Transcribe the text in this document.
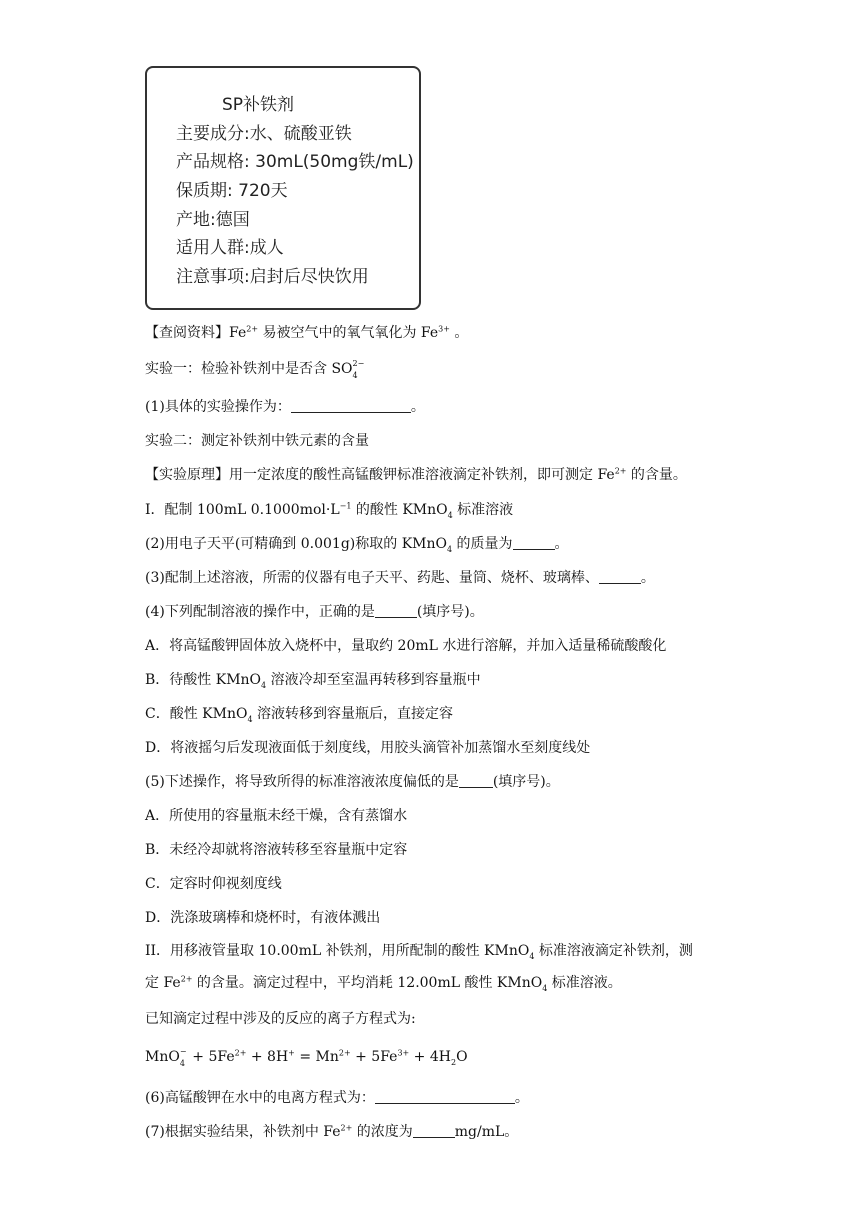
SP补铁剂
主要成分:水、硫酸亚铁
产品规格: 30mL(50mg铁/mL)
保质期: 720天
产地:德国
适用人群:成人
注意事项:启封后尽快饮用
【查阅资料】$Fe^{2+}$ 易被空气中的氧气氧化为 $Fe^{3+}$ 。
实验一：检验补铁剂中是否含 SO 2−
4
(1)具体的实验操作为：	。
实验二：测定补铁剂中铁元素的含量
【实验原理】用一定浓度的酸性高锰酸钾标准溶液滴定补铁剂，即可测定 $Fe^{2+}$ 的含量。
I．配制 100mL $0.1000mol\cdot L^{-1}$ 的酸性 KMnO$_4$ 标准溶液
(2)用电子天平(可精确到 0.001g)称取的 KMnO$_4$ 的质量为	。
(3)配制上述溶液，所需的仪器有电子天平、药匙、量筒、烧杯、玻璃棒、	。
(4)下列配制溶液的操作中，正确的是	(填序号)。
A．将高锰酸钾固体放入烧杯中，量取约 20mL 水进行溶解，并加入适量稀硫酸酸化
B．待酸性 KMnO$_4$ 溶液冷却至室温再转移到容量瓶中
C．酸性 KMnO$_4$ 溶液转移到容量瓶后，直接定容
D．将液摇匀后发现液面低于刻度线，用胶头滴管补加蒸馏水至刻度线处
(5)下述操作，将导致所得的标准溶液浓度偏低的是 (填序号)。
A．所使用的容量瓶未经干燥，含有蒸馏水
B．未经冷却就将溶液转移至容量瓶中定容
C．定容时仰视刻度线
D．洗涤玻璃棒和烧杯时，有液体溅出
II．用移液管量取 10.00mL 补铁剂，用所配制的酸性 KMnO$_4$ 标准溶液滴定补铁剂，测
定 $Fe^{2+}$ 的含量。滴定过程中，平均消耗 12.00mL 酸性 KMnO$_4$ 标准溶液。
已知滴定过程中涉及的反应的离子方程式为:
MnO −
$4 + 5Fe^{2+} + 8H^+ = Mn^{2+} + 5Fe^{3+} + 4H_2O$
(6)高锰酸钾在水中的电离方程式为：	。
(7)根据实验结果，补铁剂中 $Fe^{2+}$ 的浓度为	mg/mL。
